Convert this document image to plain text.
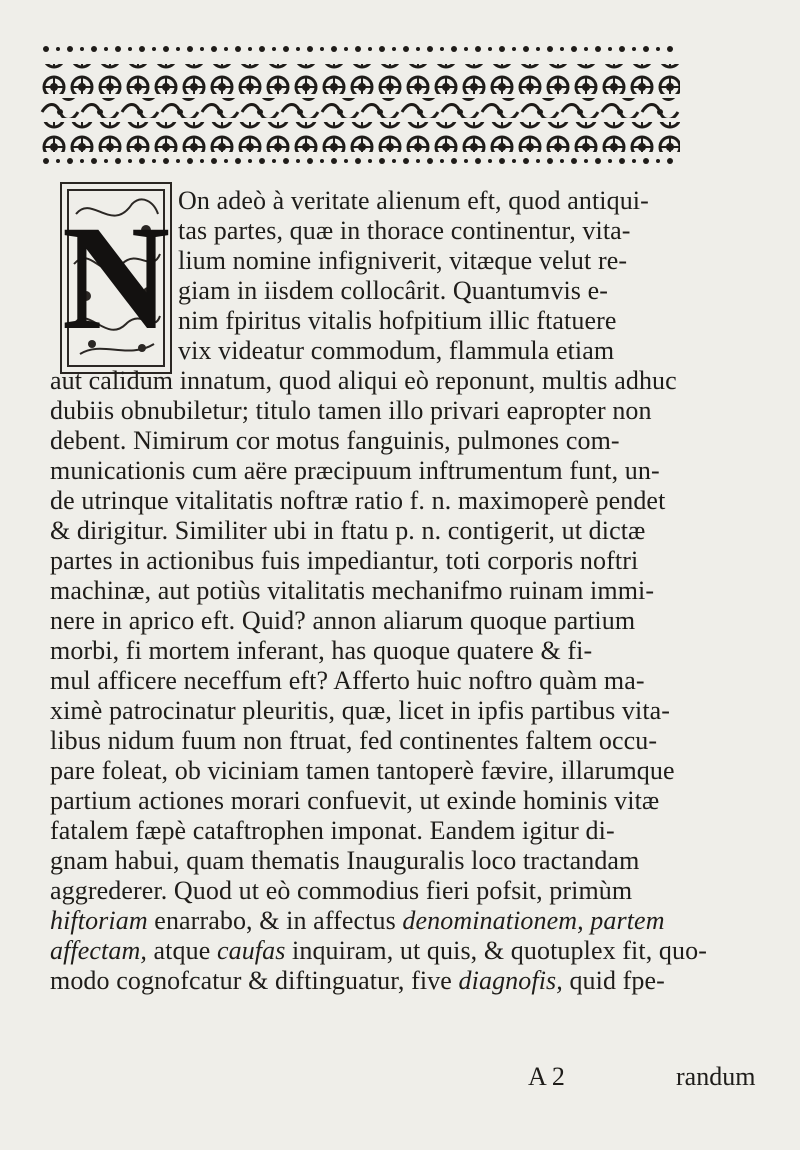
N On adeò à veritate alienum eft, quod antiqui-

tas partes, quæ in thorace continentur, vita-

lium nomine infigniverit, vitæque velut re-

giam in iisdem collocârit. Quantumvis e-

nim fpiritus vitalis hofpitium illic ftatuere

vix videatur commodum, flammula etiam

aut calidum innatum, quod aliqui eò reponunt, multis adhuc

dubiis obnubiletur; titulo tamen illo privari eapropter non

debent. Nimirum cor motus fanguinis, pulmones com-

municationis cum aëre præcipuum inftrumentum funt, un-

de utrinque vitalitatis noftræ ratio f. n. maximoperè pendet

& dirigitur. Similiter ubi in ftatu p. n. contigerit, ut dictæ

partes in actionibus fuis impediantur, toti corporis noftri

machinæ, aut potiùs vitalitatis mechanifmo ruinam immi-

nere in aprico eft. Quid? annon aliarum quoque partium

morbi, fi mortem inferant, has quoque quatere & fi-

mul afficere neceffum eft? Afferto huic noftro quàm ma-

ximè patrocinatur pleuritis, quæ, licet in ipfis partibus vita-

libus nidum fuum non ftruat, fed continentes faltem occu-

pare foleat, ob viciniam tamen tantoperè fævire, illarumque

partium actiones morari confuevit, ut exinde hominis vitæ

fatalem fæpè cataftrophen imponat. Eandem igitur di-

gnam habui, quam thematis Inauguralis loco tractandam

aggrederer. Quod ut eò commodius fieri pofsit, primùm

hiftoriam enarrabo, & in affectus denominationem, partem

affectam, atque caufas inquiram, ut quis, & quotuplex fit, quo-

modo cognofcatur & diftinguatur, five diagnofis, quid fpe-

A 2	randum
